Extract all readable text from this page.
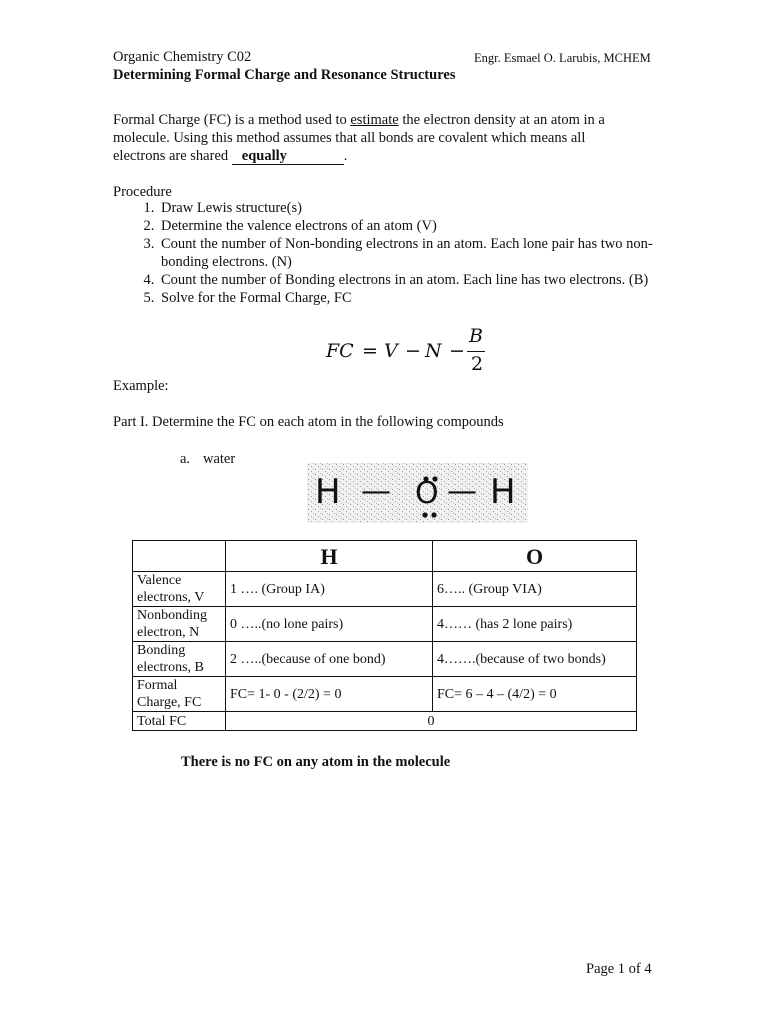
Organic Chemistry C02	Engr. Esmael O. Larubis, MCHEM
Determining Formal Charge and Resonance Structures
Formal Charge (FC) is a method used to estimate the electron density at an atom in a
molecule. Using this method assumes that all bonds are covalent which means all
electrons are shared equally	.
Procedure
1. Draw Lewis structure(s)
2. Determine the valence electrons of an atom (V)
3. Count the number of Non-bonding electrons in an atom. Each lone pair has two non-bonding electrons. (N)
4. Count the number of Bonding electrons in an atom. Each line has two electrons. (B)
5. Solve for the Formal Charge, FC
FC = V − N −
B
2
Example:
Part I. Determine the FC on each atom in the following compounds
a. water
H — O — H
	H	O
Valence electrons, V	1 …. (Group IA)	6….. (Group VIA)
Nonbonding electron, N	0 …..(no lone pairs)	4…… (has 2 lone pairs)
Bonding electrons, B	2 …..(because of one bond)	4…….(because of two bonds)
Formal Charge, FC	FC= 1- 0 - (2/2) = 0	FC= 6 – 4 – (4/2) = 0
Total FC	0	
There is no FC on any atom in the molecule
Page 1 of 4
